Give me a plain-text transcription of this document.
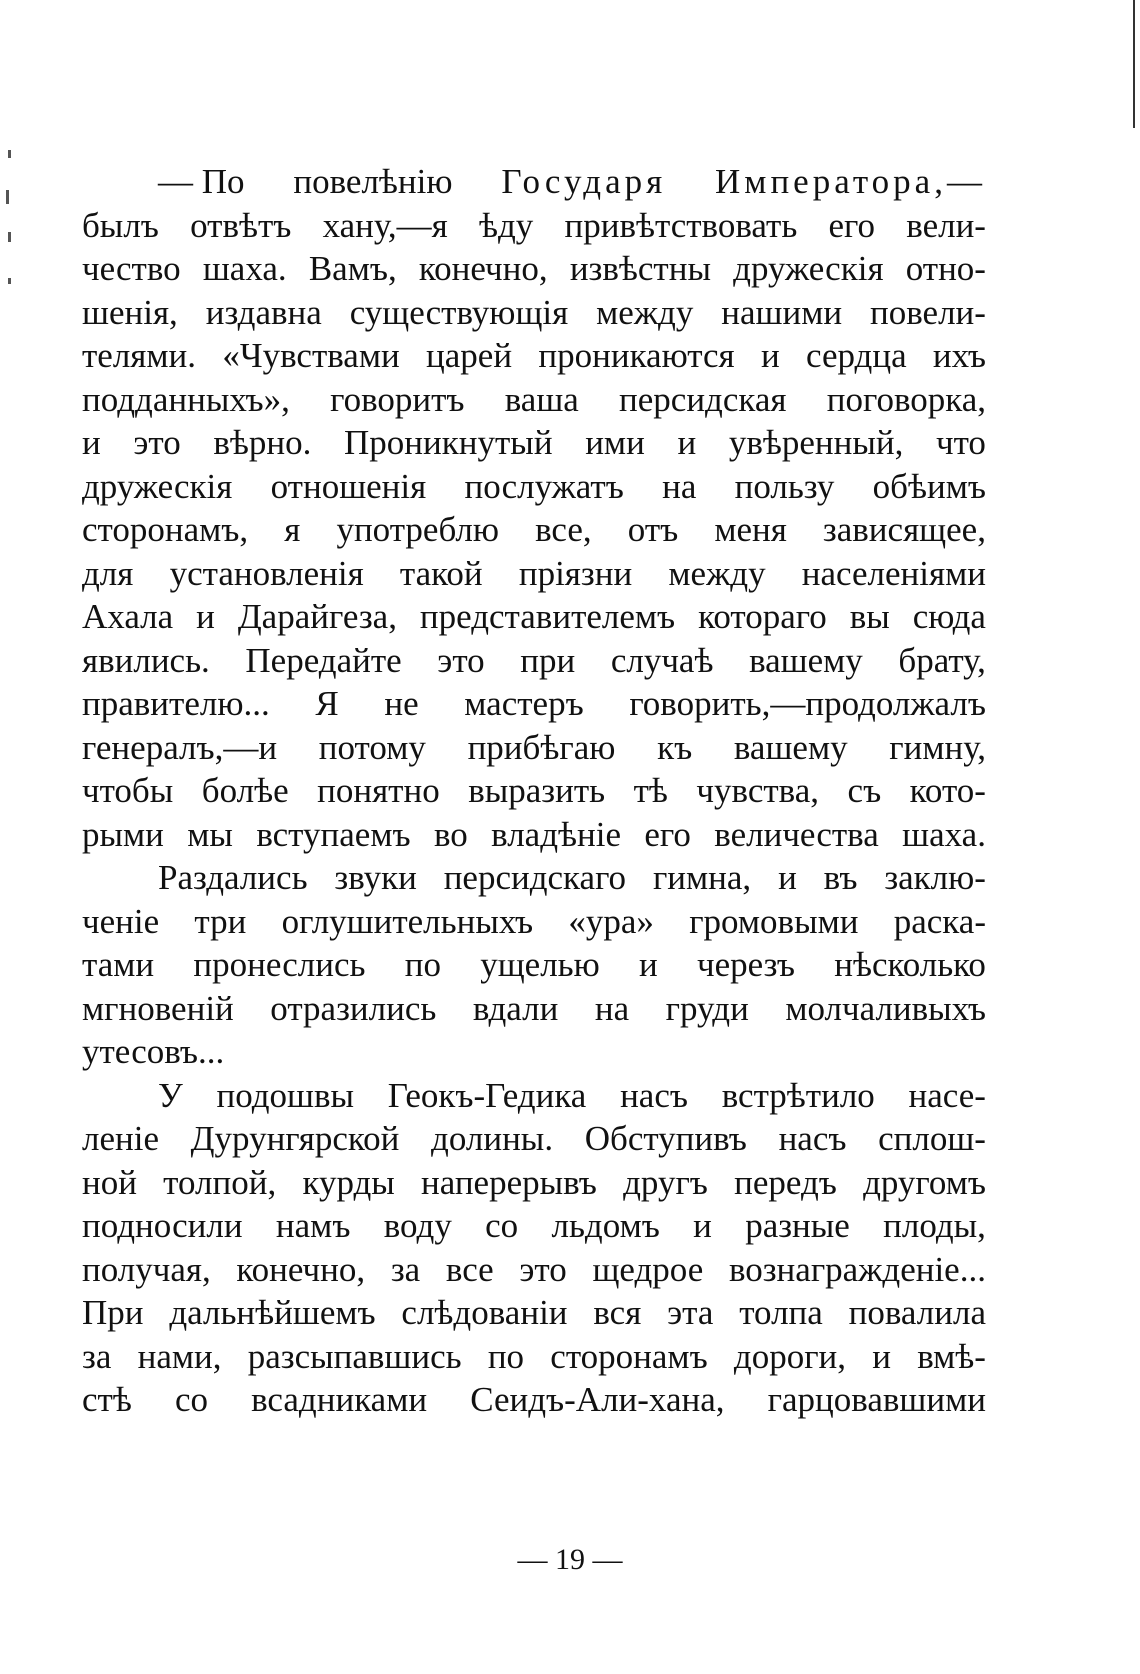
— По повелѣнію Государя Императора,—
былъ отвѣтъ хану,—я ѣду привѣтствовать его вели-
чество шаха. Вамъ, конечно, извѣстны дружескія отно-
шенія, издавна существующія между нашими повели-
телями. «Чувствами царей проникаются и сердца ихъ
подданныхъ», говоритъ ваша персидская поговорка,
и это вѣрно. Проникнутый ими и увѣренный, что
дружескія отношенія послужатъ на пользу обѣимъ
сторонамъ, я употреблю все, отъ меня зависящее,
для установленія такой пріязни между населеніями
Ахала и Дарайгеза, представителемъ котораго вы сюда
явились. Передайте это при случаѣ вашему брату,
правителю... Я не мастеръ говорить,—продолжалъ
генералъ,—и потому прибѣгаю къ вашему гимну,
чтобы болѣе понятно выразить тѣ чувства, съ кото-
рыми мы вступаемъ во владѣніе его величества шаха.
Раздались звуки персидскаго гимна, и въ заклю-
ченіе три оглушительныхъ «ура» громовыми раска-
тами пронеслись по ущелью и черезъ нѣсколько
мгновеній отразились вдали на груди молчаливыхъ
утесовъ...
У подошвы Геокъ-Гедика насъ встрѣтило насе-
леніе Дурунгярской долины. Обступивъ насъ сплош-
ной толпой, курды наперерывъ другъ передъ другомъ
подносили намъ воду со льдомъ и разные плоды,
получая, конечно, за все это щедрое вознагражденіе...
При дальнѣйшемъ слѣдованіи вся эта толпа повалила
за нами, разсыпавшись по сторонамъ дороги, и вмѣ-
стѣ со всадниками Сеидъ-Али-хана, гарцовавшими
— 19 —
